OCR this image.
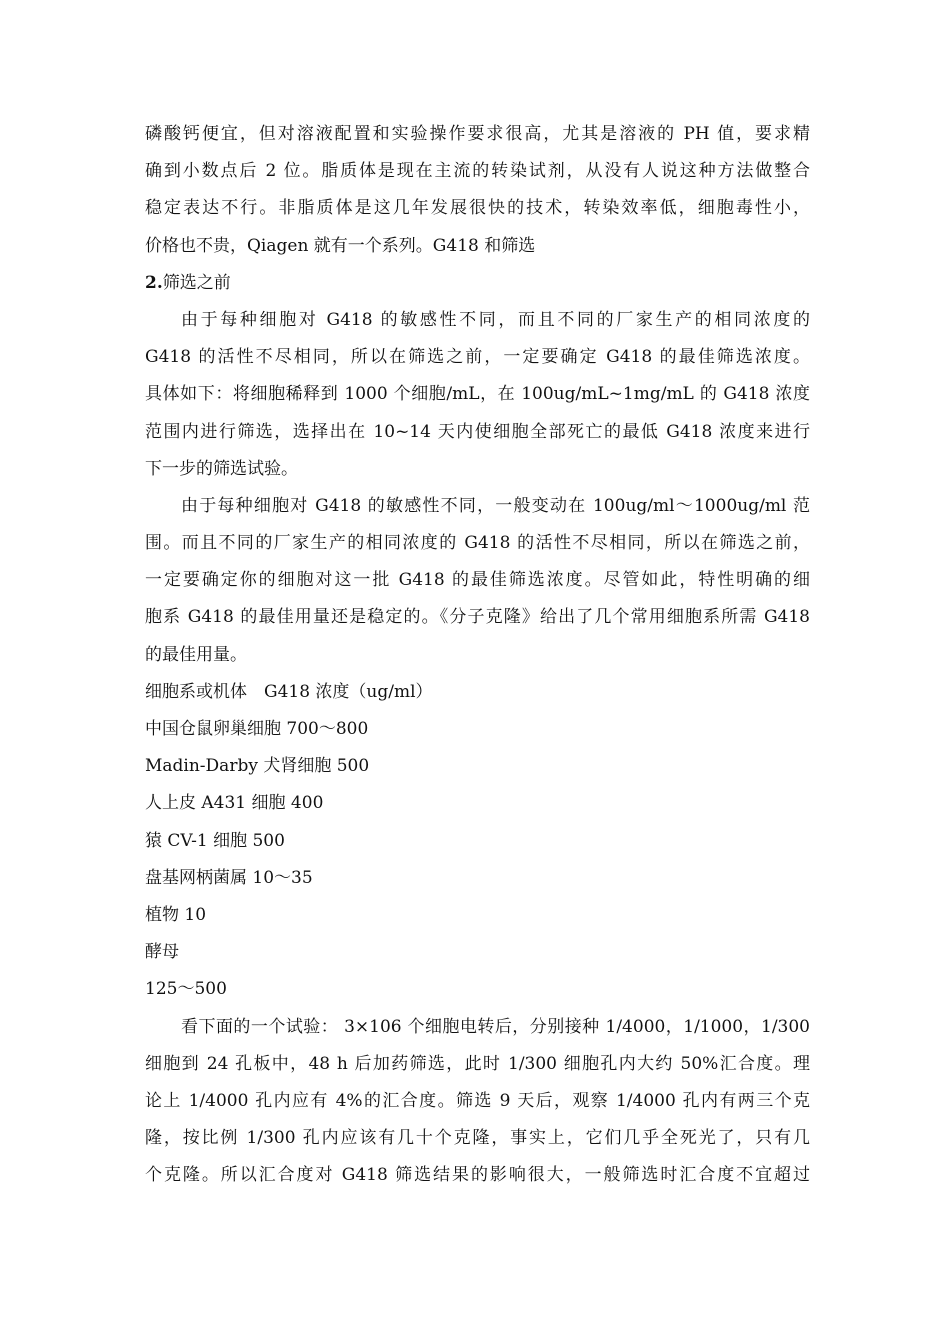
磷酸钙便宜，但对溶液配置和实验操作要求很高，尤其是溶液的 PH 值，要求精
确到小数点后 2 位。脂质体是现在主流的转染试剂，从没有人说这种方法做整合
稳定表达不行。非脂质体是这几年发展很快的技术，转染效率低，细胞毒性小，
价格也不贵，Qiagen 就有一个系列。G418 和筛选
2.筛选之前
由于每种细胞对 G418 的敏感性不同，而且不同的厂家生产的相同浓度的
G418 的活性不尽相同，所以在筛选之前，一定要确定 G418 的最佳筛选浓度。
具体如下：将细胞稀释到 1000 个细胞/mL，在 100ug/mL~1mg/mL 的 G418 浓度
范围内进行筛选，选择出在 10~14 天内使细胞全部死亡的最低 G418 浓度来进行
下一步的筛选试验。
由于每种细胞对 G418 的敏感性不同，一般变动在 100ug/ml～1000ug/ml 范
围。而且不同的厂家生产的相同浓度的 G418 的活性不尽相同，所以在筛选之前，
一定要确定你的细胞对这一批 G418 的最佳筛选浓度。尽管如此，特性明确的细
胞系 G418 的最佳用量还是稳定的。《分子克隆》给出了几个常用细胞系所需 G418
的最佳用量。
细胞系或机体　G418 浓度（ug/ml）
中国仓鼠卵巢细胞 700～800
Madin-Darby 犬肾细胞 500
人上皮 A431 细胞 400
猿 CV-1 细胞 500
盘基网柄菌属 10～35
植物 10
酵母
125～500
看下面的一个试验： 3×106 个细胞电转后，分别接种 1/4000，1/1000，1/300
细胞到 24 孔板中，48 h 后加药筛选，此时 1/300 细胞孔内大约 50%汇合度。理
论上 1/4000 孔内应有 4%的汇合度。筛选 9 天后，观察 1/4000 孔内有两三个克
隆，按比例 1/300 孔内应该有几十个克隆，事实上，它们几乎全死光了，只有几
个克隆。所以汇合度对 G418 筛选结果的影响很大，一般筛选时汇合度不宜超过
